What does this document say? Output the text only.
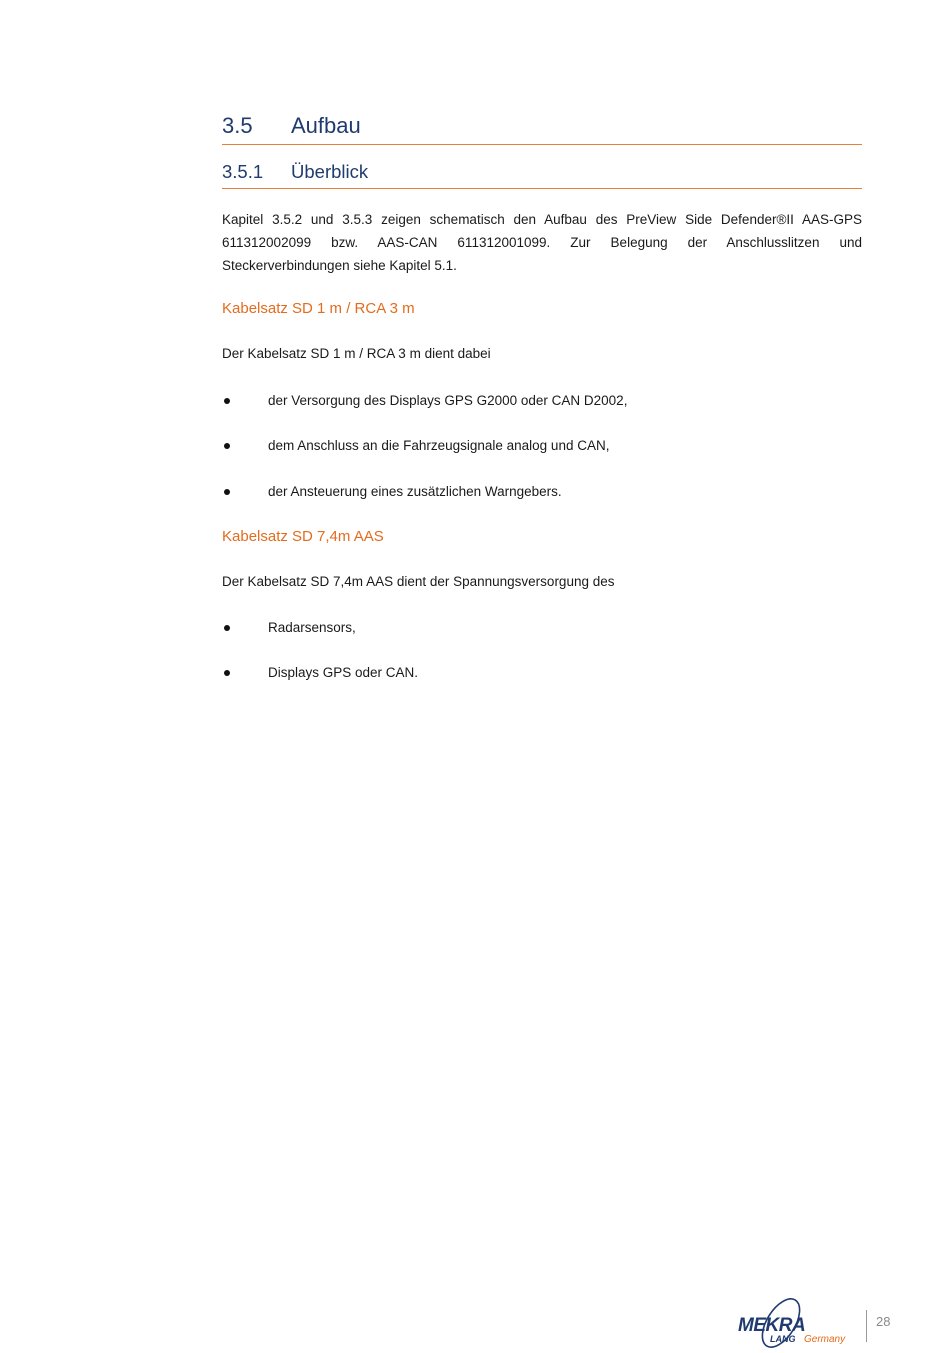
3.5 Aufbau
3.5.1 Überblick
Kapitel 3.5.2 und 3.5.3 zeigen schematisch den Aufbau des PreView Side Defender®II AAS-GPS 611312002099 bzw. AAS-CAN 611312001099. Zur Belegung der Anschlusslitzen und Steckerverbindungen siehe Kapitel 5.1.
Kabelsatz SD 1 m / RCA 3 m
Der Kabelsatz SD 1 m / RCA 3 m dient dabei
der Versorgung des Displays GPS G2000 oder CAN D2002,
dem Anschluss an die Fahrzeugsignale analog und CAN,
der Ansteuerung eines zusätzlichen Warngebers.
Kabelsatz SD 7,4m AAS
Der Kabelsatz SD 7,4m AAS dient der Spannungsversorgung des
Radarsensors,
Displays GPS oder CAN.
MEKRA
LANG Germany
28
